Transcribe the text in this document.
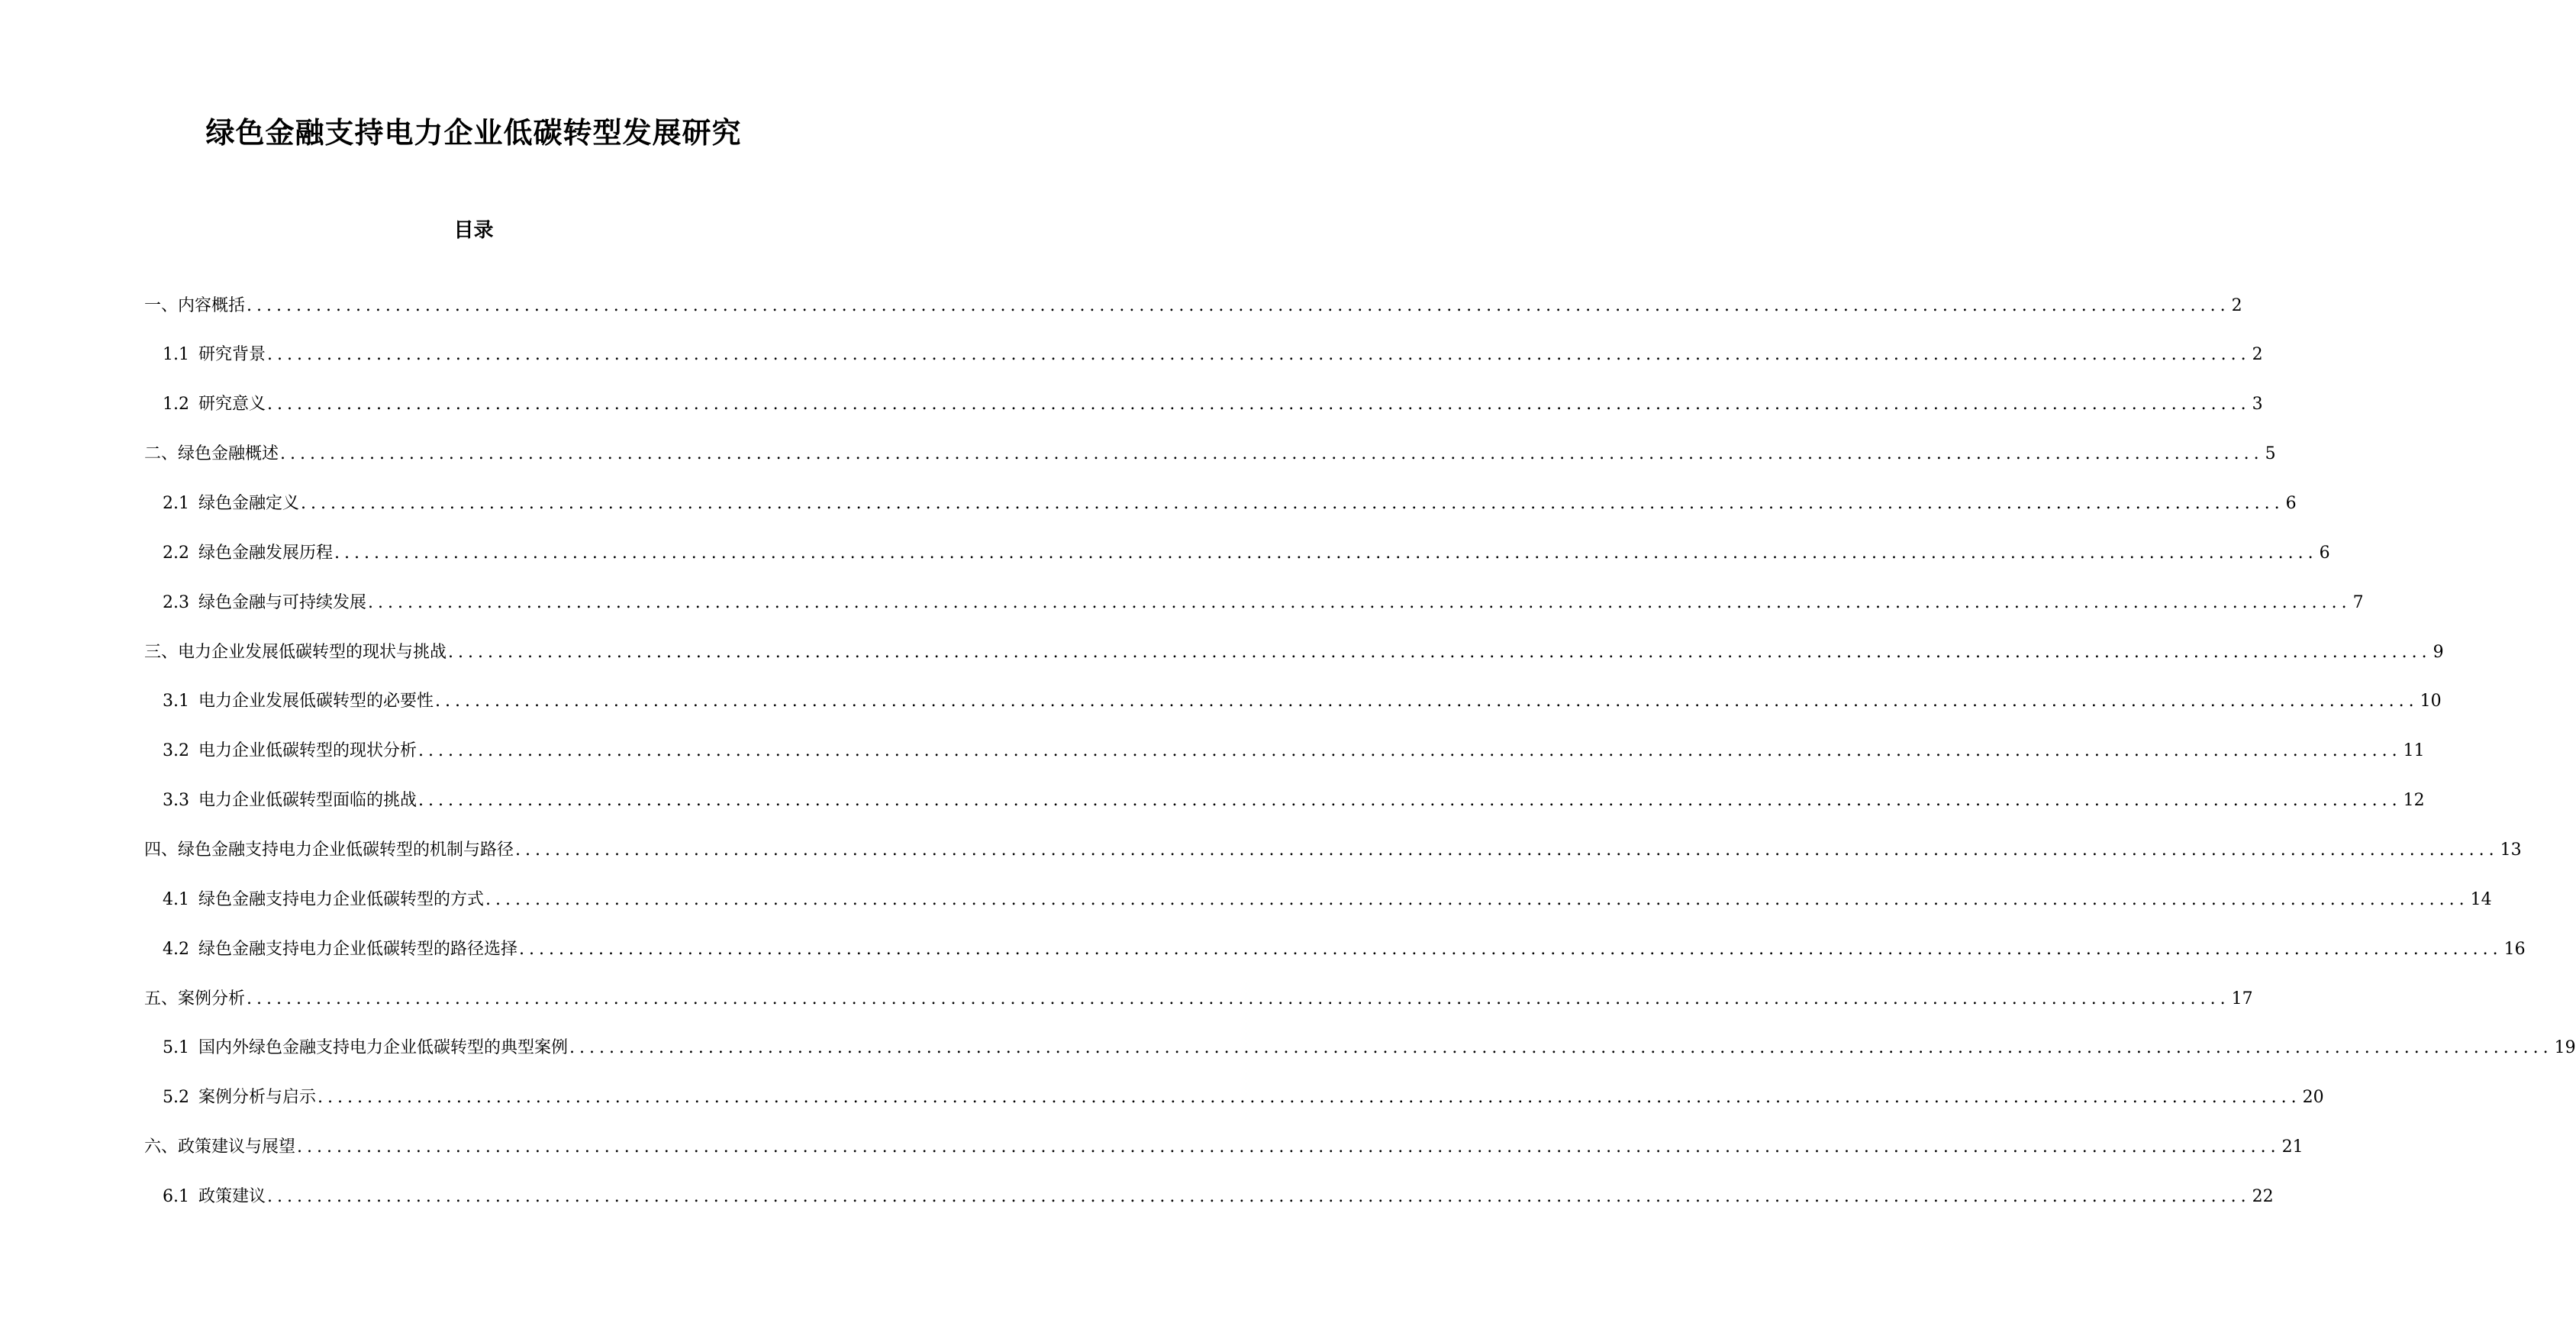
绿色金融支持电力企业低碳转型发展研究
目录
一、内容概括 ........................................................................................................................................................................................................ 2
1.1 研究背景 ........................................................................................................................................................................................................ 2
1.2 研究意义 ........................................................................................................................................................................................................ 3
二、绿色金融概述 ........................................................................................................................................................................................................ 5
2.1 绿色金融定义 ........................................................................................................................................................................................................ 6
2.2 绿色金融发展历程 ........................................................................................................................................................................................................ 6
2.3 绿色金融与可持续发展 ........................................................................................................................................................................................................ 7
三、电力企业发展低碳转型的现状与挑战 ........................................................................................................................................................................................................ 9
3.1 电力企业发展低碳转型的必要性 ........................................................................................................................................................................................................ 10
3.2 电力企业低碳转型的现状分析 ........................................................................................................................................................................................................ 11
3.3 电力企业低碳转型面临的挑战 ........................................................................................................................................................................................................ 12
四、绿色金融支持电力企业低碳转型的机制与路径 ........................................................................................................................................................................................................ 13
4.1 绿色金融支持电力企业低碳转型的方式 ........................................................................................................................................................................................................ 14
4.2 绿色金融支持电力企业低碳转型的路径选择 ........................................................................................................................................................................................................ 16
五、案例分析 ........................................................................................................................................................................................................ 17
5.1 国内外绿色金融支持电力企业低碳转型的典型案例 ........................................................................................................................................................................................................ 19
5.2 案例分析与启示 ........................................................................................................................................................................................................ 20
六、政策建议与展望 ........................................................................................................................................................................................................ 21
6.1 政策建议 ........................................................................................................................................................................................................ 22
